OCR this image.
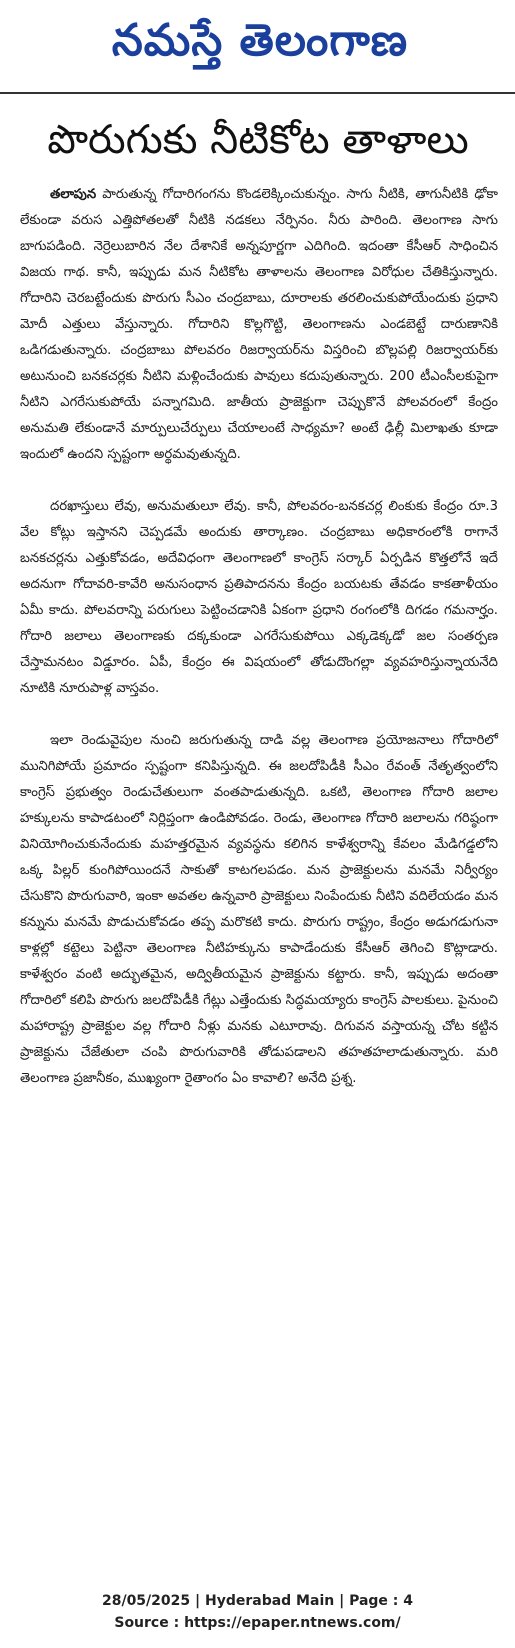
నమస్తే తెలంగాణ
పొరుగుకు నీటికోట తాళాలు

తలాపున పారుతున్న గోదారిగంగను కొండలెక్కించుకున్నం. సాగు నీటికి, తాగునీటికి ఢోకా లేకుండా వరుస ఎత్తిపోతలతో నీటికి నడకలు నేర్పినం. నీరు పారింది. తెలంగాణ సాగు బాగుపడింది. నెర్రెలుబారిన నేల దేశానికే అన్నపూర్ణగా ఎదిగింది. ఇదంతా కేసీఆర్ సాధించిన విజయ గాథ. కానీ, ఇప్పుడు మన నీటికోట తాళాలను తెలంగాణ విరోధుల చేతికిస్తున్నారు. గోదారిని చెరబట్టేందుకు పొరుగు సీఎం చంద్రబాబు, దూరాలకు తరలించుకుపోయేందుకు ప్రధాని మోదీ ఎత్తులు వేస్తున్నారు. గోదారిని కొల్లగొట్టి, తెలంగాణను ఎండబెట్టే దారుణానికి ఒడిగడుతున్నారు. చంద్రబాబు పోలవరం రిజర్వాయర్‌ను విస్తరించి బొల్లపల్లి రిజర్వాయర్‌కు అటునుంచి బనకచర్లకు నీటిని మళ్లించేందుకు పావులు కదుపుతున్నారు. 200 టీఎంసీలకుపైగా నీటిని ఎగరేసుకుపోయే పన్నాగమిది. జాతీయ ప్రాజెక్టుగా చెప్పుకొనే పోలవరంలో కేంద్రం అనుమతి లేకుండానే మార్పులుచేర్పులు చేయాలంటే సాధ్యమా? అంటే ఢిల్లీ మిలాఖతు కూడా ఇందులో ఉందని స్పష్టంగా అర్థమవుతున్నది.

దరఖాస్తులు లేవు, అనుమతులూ లేవు. కానీ, పోలవరం-బనకచర్ల లింకుకు కేంద్రం రూ.3 వేల కోట్లు ఇస్తానని చెప్పడమే అందుకు తార్కాణం. చంద్రబాబు అధికారంలోకి రాగానే బనకచర్లను ఎత్తుకోవడం, అదేవిధంగా తెలంగాణలో కాంగ్రెస్ సర్కార్ ఏర్పడిన కొత్తలోనే ఇదే అదనుగా గోదావరి-కావేరి అనుసంధాన ప్రతిపాదనను కేంద్రం బయటకు తేవడం కాకతాళీయం ఏమీ కాదు. పోలవరాన్ని పరుగులు పెట్టించడానికి ఏకంగా ప్రధాని రంగంలోకి దిగడం గమనార్హం. గోదారి జలాలు తెలంగాణకు దక్కకుండా ఎగరేసుకుపోయి ఎక్కడెక్కడో జల సంతర్పణ చేస్తామనటం విడ్డూరం. ఏపీ, కేంద్రం ఈ విషయంలో తోడుదొంగల్లా వ్యవహరిస్తున్నాయనేది నూటికి నూరుపాళ్ల వాస్తవం.

ఇలా రెండువైపుల నుంచి జరుగుతున్న దాడి వల్ల తెలంగాణ ప్రయోజనాలు గోదారిలో మునిగిపోయే ప్రమాదం స్పష్టంగా కనిపిస్తున్నది. ఈ జలదోపిడీకి సీఎం రేవంత్ నేతృత్వంలోని కాంగ్రెస్ ప్రభుత్వం రెండుచేతులుగా వంతపాడుతున్నది. ఒకటి, తెలంగాణ గోదారి జలాల హక్కులను కాపాడటంలో నిర్లిప్తంగా ఉండిపోవడం. రెండు, తెలంగాణ గోదారి జలాలను గరిష్ఠంగా వినియోగించుకునేందుకు మహత్తరమైన వ్యవస్థను కలిగిన కాళేశ్వరాన్ని కేవలం మేడిగడ్డలోని ఒక్క పిల్లర్ కుంగిపోయిందనే సాకుతో కాటగలపడం. మన ప్రాజెక్టులను మనమే నిర్వీర్యం చేసుకొని పొరుగువారి, ఇంకా అవతల ఉన్నవారి ప్రాజెక్టులు నింపేందుకు నీటిని వదిలేయడం మన కన్నును మనమే పొడుచుకోవడం తప్ప మరొకటి కాదు. పొరుగు రాష్ట్రం, కేంద్రం అడుగడుగునా కాళ్లల్లో కట్టెలు పెట్టినా తెలంగాణ నీటిహక్కును కాపాడేందుకు కేసీఆర్ తెగించి కొట్లాడారు. కాళేశ్వరం వంటి అద్భుతమైన, అద్వితీయమైన ప్రాజెక్టును కట్టారు. కానీ, ఇప్పుడు అదంతా గోదారిలో కలిపి పొరుగు జలదోపిడీకి గేట్లు ఎత్తేందుకు సిద్ధమయ్యారు కాంగ్రెస్ పాలకులు. పైనుంచి మహారాష్ట్ర ప్రాజెక్టుల వల్ల గోదారి నీళ్లు మనకు ఎటూరావు. దిగువన వస్తాయన్న చోట కట్టిన ప్రాజెక్టును చేజేతులా చంపి పొరుగువారికి తోడుపడాలని తహతహలాడుతున్నారు. మరి తెలంగాణ ప్రజానీకం, ముఖ్యంగా రైతాంగం ఏం కావాలి? అనేది ప్రశ్న.

28/05/2025 | Hyderabad Main | Page : 4
Source : https://epaper.ntnews.com/
